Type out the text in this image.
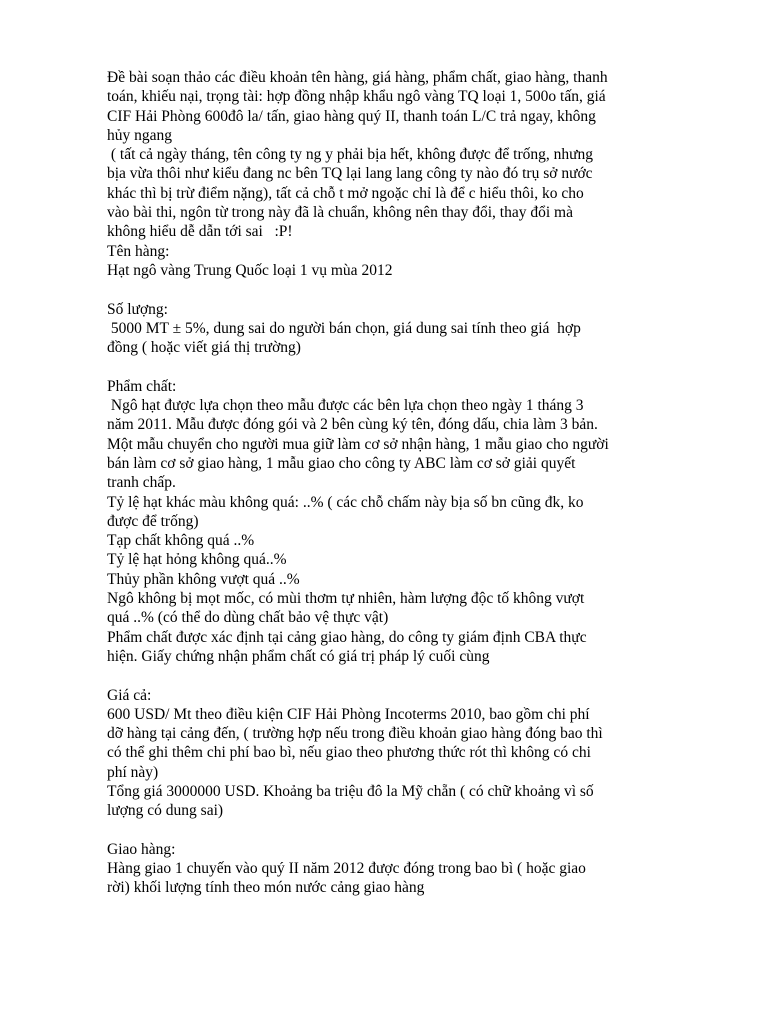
Đề bài soạn thảo các điều khoản tên hàng, giá hàng, phẩm chất, giao hàng, thanh
toán, khiếu nại, trọng tài: hợp đồng nhập khẩu ngô vàng TQ loại 1, 500o tấn, giá
CIF Hải Phòng 600đô la/ tấn, giao hàng quý II, thanh toán L/C trả ngay, không
hủy ngang
( tất cả ngày tháng, tên công ty ng y phải bịa hết, không được để trống, nhưng
bịa vừa thôi như kiểu đang nc bên TQ lại lang lang công ty nào đó trụ sở nước
khác thì bị trừ điểm nặng), tất cả chỗ t mở ngoặc chỉ là để c hiểu thôi, ko cho
vào bài thi, ngôn từ trong này đã là chuẩn, không nên thay đổi, thay đổi mà
không hiểu dễ dẫn tới sai   :P!
Tên hàng:
Hạt ngô vàng Trung Quốc loại 1 vụ mùa 2012
Số lượng:
5000 MT ± 5%, dung sai do người bán chọn, giá dung sai tính theo giá  hợp
đồng ( hoặc viết giá thị trường)
Phẩm chất:
Ngô hạt được lựa chọn theo mẫu được các bên lựa chọn theo ngày 1 tháng 3
năm 2011. Mẫu được đóng gói và 2 bên cùng ký tên, đóng dấu, chia làm 3 bản.
Một mẫu chuyển cho người mua giữ làm cơ sở nhận hàng, 1 mẫu giao cho người
bán làm cơ sở giao hàng, 1 mẫu giao cho công ty ABC làm cơ sở giải quyết
tranh chấp.
Tỷ lệ hạt khác màu không quá: ..% ( các chỗ chấm này bịa số bn cũng đk, ko
được để trống)
Tạp chất không quá ..%
Tỷ lệ hạt hỏng không quá..%
Thủy phần không vượt quá ..%
Ngô không bị mọt mốc, có mùi thơm tự nhiên, hàm lượng độc tố không vượt
quá ..% (có thể do dùng chất bảo vệ thực vật)
Phẩm chất được xác định tại cảng giao hàng, do công ty giám định CBA thực
hiện. Giấy chứng nhận phẩm chất có giá trị pháp lý cuối cùng
Giá cả:
600 USD/ Mt theo điều kiện CIF Hải Phòng Incoterms 2010, bao gồm chi phí
dỡ hàng tại cảng đến, ( trường hợp nếu trong điều khoản giao hàng đóng bao thì
có thể ghi thêm chi phí bao bì, nếu giao theo phương thức rót thì không có chi
phí này)
Tổng giá 3000000 USD. Khoảng ba triệu đô la Mỹ chẵn ( có chữ khoảng vì số
lượng có dung sai)
Giao hàng:
Hàng giao 1 chuyến vào quý II năm 2012 được đóng trong bao bì ( hoặc giao
rời) khối lượng tính theo món nước cảng giao hàng
